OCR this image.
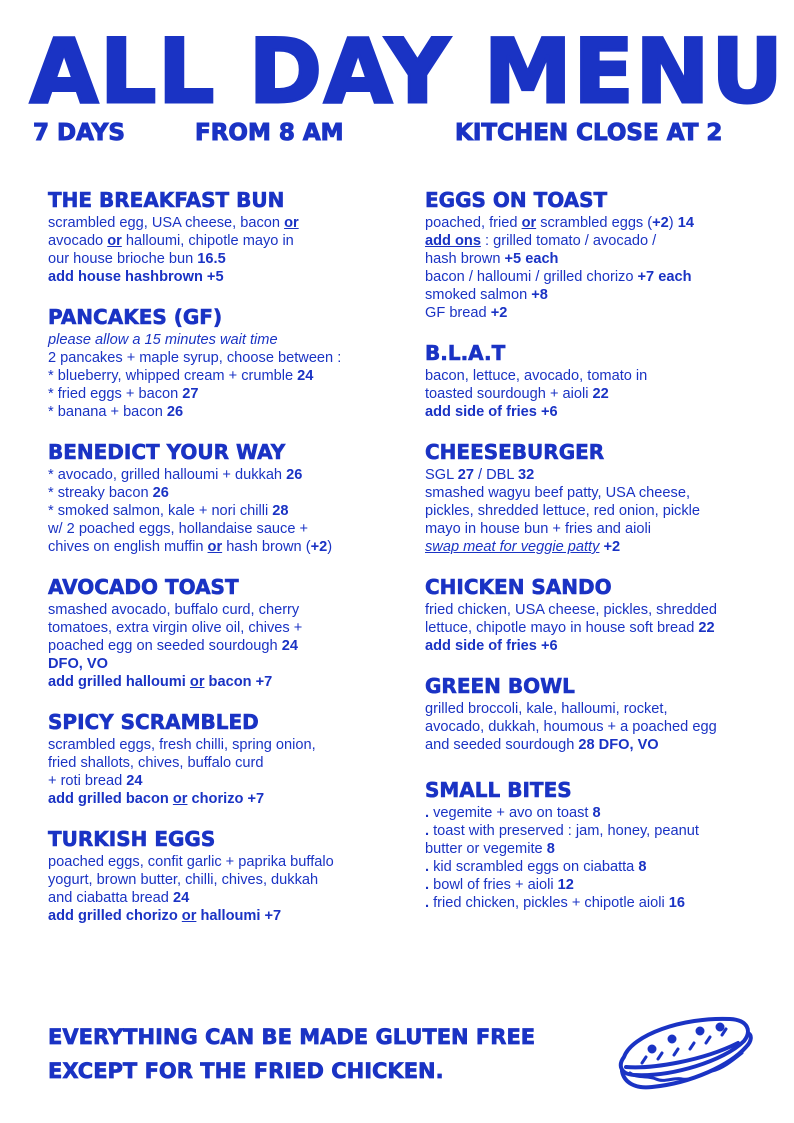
ALL DAY MENU
7 DAYS	FROM 8 AM	KITCHEN CLOSE AT 2
THE BREAKFAST BUN
scrambled egg, USA cheese, bacon or
avocado or halloumi, chipotle mayo in
our house brioche bun 16.5
add house hashbrown +5
PANCAKES (GF)
please allow a 15 minutes wait time
2 pancakes + maple syrup, choose between :
* blueberry, whipped cream + crumble 24
* fried eggs + bacon 27
* banana + bacon 26
BENEDICT YOUR WAY
* avocado, grilled halloumi + dukkah 26
* streaky bacon 26
* smoked salmon, kale + nori chilli 28
w/ 2 poached eggs, hollandaise sauce +
chives on english muffin or hash brown (+2)
AVOCADO TOAST
smashed avocado, buffalo curd, cherry
tomatoes, extra virgin olive oil, chives +
poached egg on seeded sourdough 24
DFO, VO
add grilled halloumi or bacon +7
SPICY SCRAMBLED
scrambled eggs, fresh chilli, spring onion,
fried shallots, chives, buffalo curd
+ roti bread 24
add grilled bacon or chorizo +7
TURKISH EGGS
poached eggs, confit garlic + paprika buffalo
yogurt, brown butter, chilli, chives, dukkah
and ciabatta bread 24
add grilled chorizo or halloumi +7
EGGS ON TOAST
poached, fried or scrambled eggs (+2) 14
add ons : grilled tomato / avocado /
hash brown +5 each
bacon / halloumi / grilled chorizo +7 each
smoked salmon +8
GF bread +2
B.L.A.T
bacon, lettuce, avocado, tomato in
toasted sourdough + aioli 22
add side of fries +6
CHEESEBURGER
SGL 27 / DBL 32
smashed wagyu beef patty, USA cheese,
pickles, shredded lettuce, red onion, pickle
mayo in house bun + fries and aioli
swap meat for veggie patty +2
CHICKEN SANDO
fried chicken, USA cheese, pickles, shredded
lettuce, chipotle mayo in house soft bread 22
add side of fries +6
GREEN BOWL
grilled broccoli, kale, halloumi, rocket,
avocado, dukkah, houmous + a poached egg
and seeded sourdough 28 DFO, VO
SMALL BITES
. vegemite + avo on toast 8
. toast with preserved : jam, honey, peanut
butter or vegemite 8
. kid scrambled eggs on ciabatta 8
. bowl of fries + aioli 12
. fried chicken, pickles + chipotle aioli 16
EVERYTHING CAN BE MADE GLUTEN FREE
EXCEPT FOR THE FRIED CHICKEN.
